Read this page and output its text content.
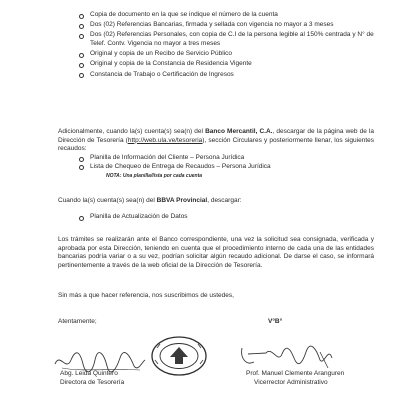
Copia de documento en la que se indique el número de la cuenta
Dos (02) Referencias Bancarias, firmada y sellada con vigencia no mayor a 3 meses
Dos (02) Referencias Personales, con copia de C.I de la persona legible al 150% centrada y N° de Telef. Contv. Vigencia no mayor a tres meses
Original y copia de un Recibo de Servicio Público
Original y copia de la Constancia de Residencia Vigente
Constancia de Trabajo o Certificación de Ingresos
Adicionalmente, cuando la(s) cuenta(s) sea(n) del Banco Mercantil, C.A., descargar de la página web de la Dirección de Tesorería (http://web.ula.ve/tesoreria), sección Circulares y posteriormente llenar, los siguientes recaudos:
Planilla de Información del Cliente – Persona Jurídica
Lista de Chequeo de Entrega de Recaudos – Persona Jurídica
NOTA: Una planilla/lista por cada cuenta
Cuando la(s) cuenta(s) sea(n) del BBVA Provincial, descargar:
Planilla de Actualización de Datos
Los trámites se realizarán ante el Banco correspondiente, una vez la solicitud sea consignada, verificada y aprobada por esta Dirección, teniendo en cuenta que el procedimiento interno de cada una de las entidades bancarias podría variar o a su vez, podrían solicitar algún recaudo adicional. De darse el caso, se informará pertinentemente a través de la web oficial de la Dirección de Tesorería.
Sin más a que hacer referencia, nos suscribimos de ustedes,
Atentamente;	V°B°
Abg. Leida Quintero
Directora de Tesorería
Prof. Manuel Clemente Aranguren
Vicerrector Administrativo
